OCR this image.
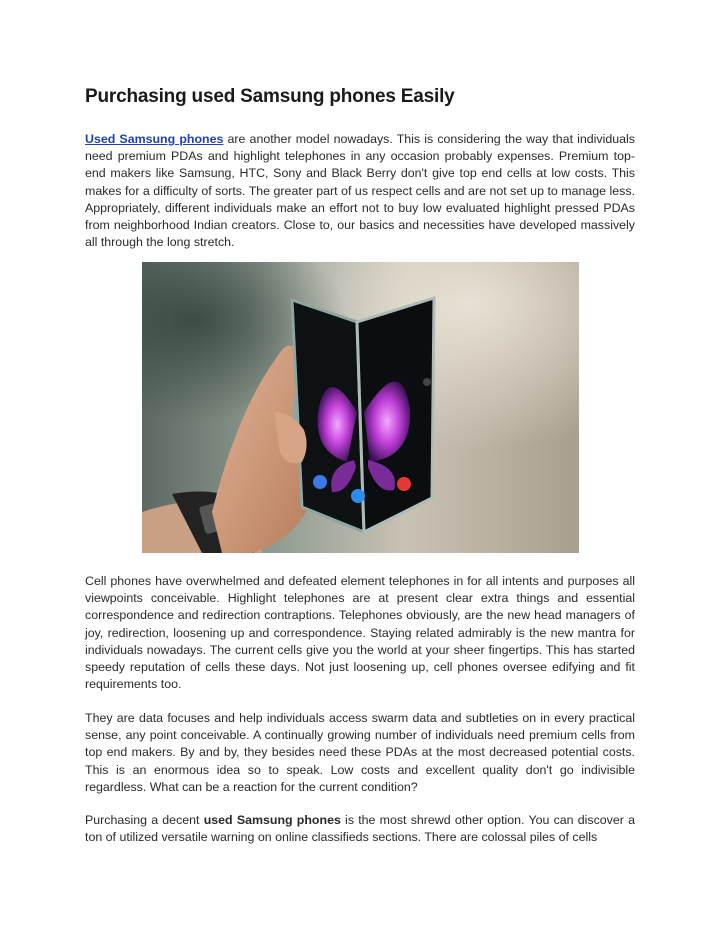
Purchasing used Samsung phones Easily

Used Samsung phones are another model nowadays. This is considering the way that individuals need premium PDAs and highlight telephones in any occasion probably expenses. Premium top-end makers like Samsung, HTC, Sony and Black Berry don't give top end cells at low costs. This makes for a difficulty of sorts. The greater part of us respect cells and are not set up to manage less. Appropriately, different individuals make an effort not to buy low evaluated highlight pressed PDAs from neighborhood Indian creators. Close to, our basics and necessities have developed massively all through the long stretch.

Cell phones have overwhelmed and defeated element telephones in for all intents and purposes all viewpoints conceivable. Highlight telephones are at present clear extra things and essential correspondence and redirection contraptions. Telephones obviously, are the new head managers of joy, redirection, loosening up and correspondence. Staying related admirably is the new mantra for individuals nowadays. The current cells give you the world at your sheer fingertips. This has started speedy reputation of cells these days. Not just loosening up, cell phones oversee edifying and fit requirements too.

They are data focuses and help individuals access swarm data and subtleties on in every practical sense, any point conceivable. A continually growing number of individuals need premium cells from top end makers. By and by, they besides need these PDAs at the most decreased potential costs. This is an enormous idea so to speak. Low costs and excellent quality don't go indivisible regardless. What can be a reaction for the current condition?

Purchasing a decent used Samsung phones is the most shrewd other option. You can discover a ton of utilized versatile warning on online classifieds sections. There are colossal piles of cells
